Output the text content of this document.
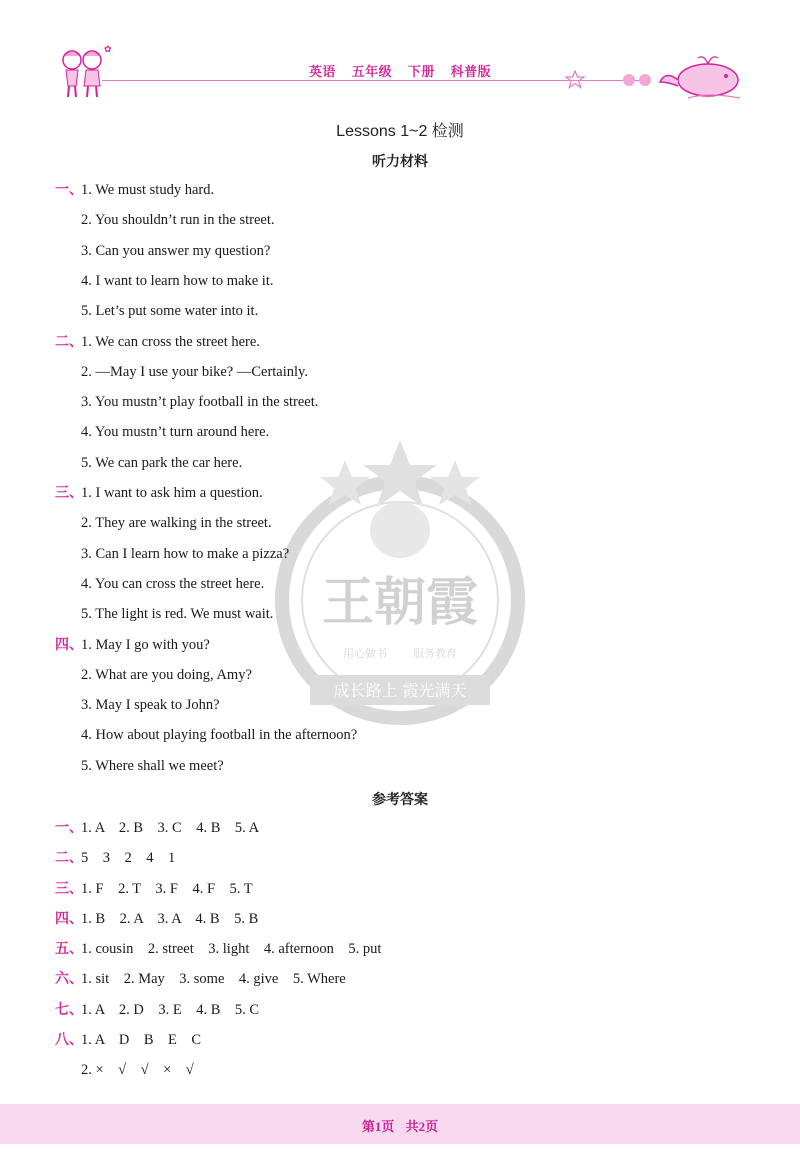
✿
英语 五年级 下册 科普版
王朝霞
用心做书 服务教育
成长路上 霞光满天
Lessons 1~2 检测
听力材料
一、
1. We must study hard.
2. You shouldn’t run in the street.
3. Can you answer my question?
4. I want to learn how to make it.
5. Let’s put some water into it.
二、
1. We can cross the street here.
2. —May I use your bike? —Certainly.
3. You mustn’t play football in the street.
4. You mustn’t turn around here.
5. We can park the car here.
三、
1. I want to ask him a question.
2. They are walking in the street.
3. Can I learn how to make a pizza?
4. You can cross the street here.
5. The light is red. We must wait.
四、
1. May I go with you?
2. What are you doing, Amy?
3. May I speak to John?
4. How about playing football in the afternoon?
5. Where shall we meet?
参考答案
一、
1. A    2. B    3. C    4. B    5. A
二、
5    3    2    4    1
三、
1. F    2. T    3. F    4. F    5. T
四、
1. B    2. A    3. A    4. B    5. B
五、
1. cousin    2. street    3. light    4. afternoon    5. put
六、
1. sit    2. May    3. some    4. give    5. Where
七、
1. A    2. D    3. E    4. B    5. C
八、
1. A    D    B    E    C
2. ×    √    √    ×    √
第1页 共2页
